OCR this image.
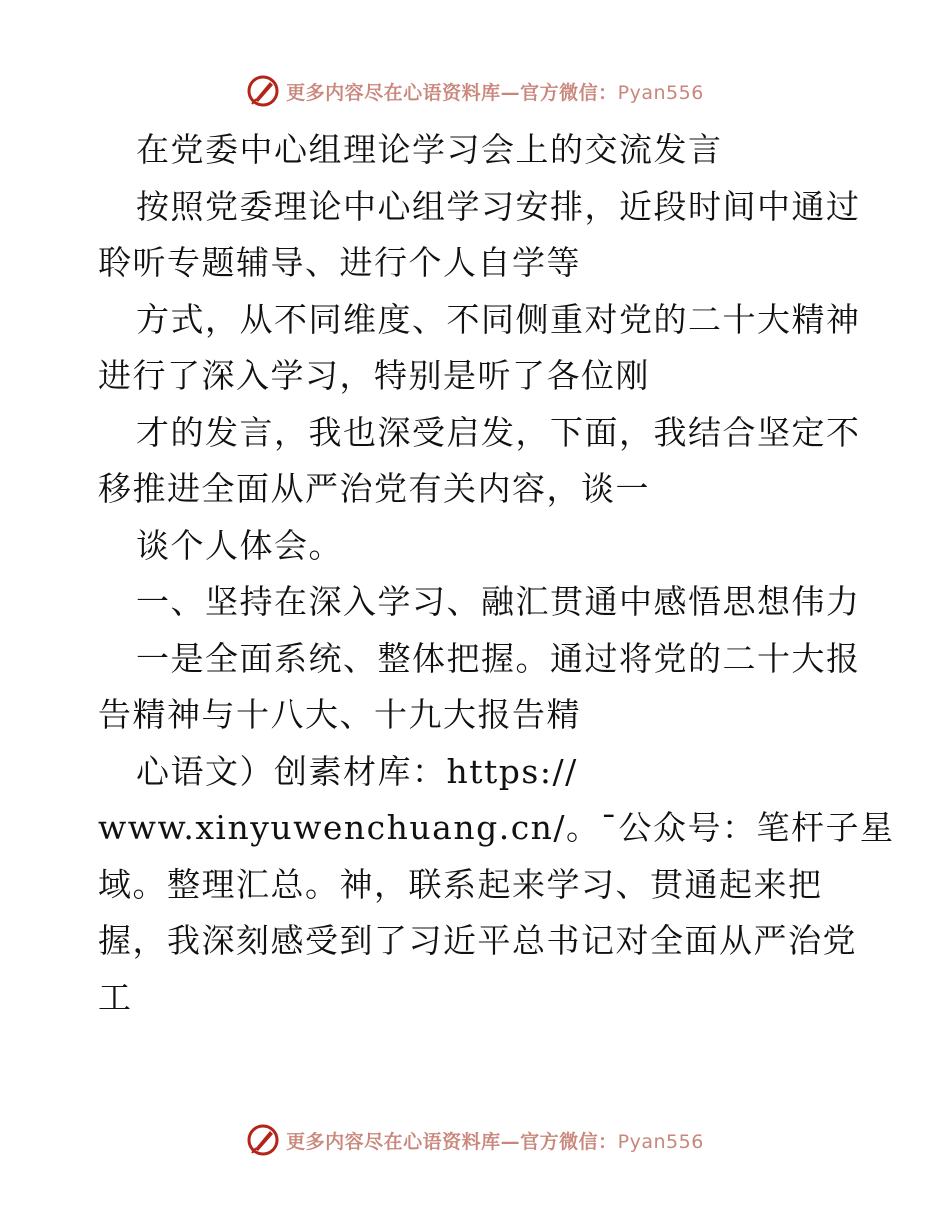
更多内容尽在心语资料库—官方微信：Pyan556
在党委中心组理论学习会上的交流发言
按照党委理论中心组学习安排，近段时间中通过
聆听专题辅导、进行个人自学等
方式，从不同维度、不同侧重对党的二十大精神
进行了深入学习，特别是听了各位刚
才的发言，我也深受启发，下面，我结合坚定不
移推进全面从严治党有关内容，谈一
谈个人体会。
一、坚持在深入学习、融汇贯通中感悟思想伟力
一是全面系统、整体把握。通过将党的二十大报
告精神与十八大、十九大报告精
心语文）创素材库：https://
www.xinyuwenchuang.cn/。¯公众号：笔杆子星
域。整理汇总。神，联系起来学习、贯通起来把
握，我深刻感受到了习近平总书记对全面从严治党
工
更多内容尽在心语资料库—官方微信：Pyan556
